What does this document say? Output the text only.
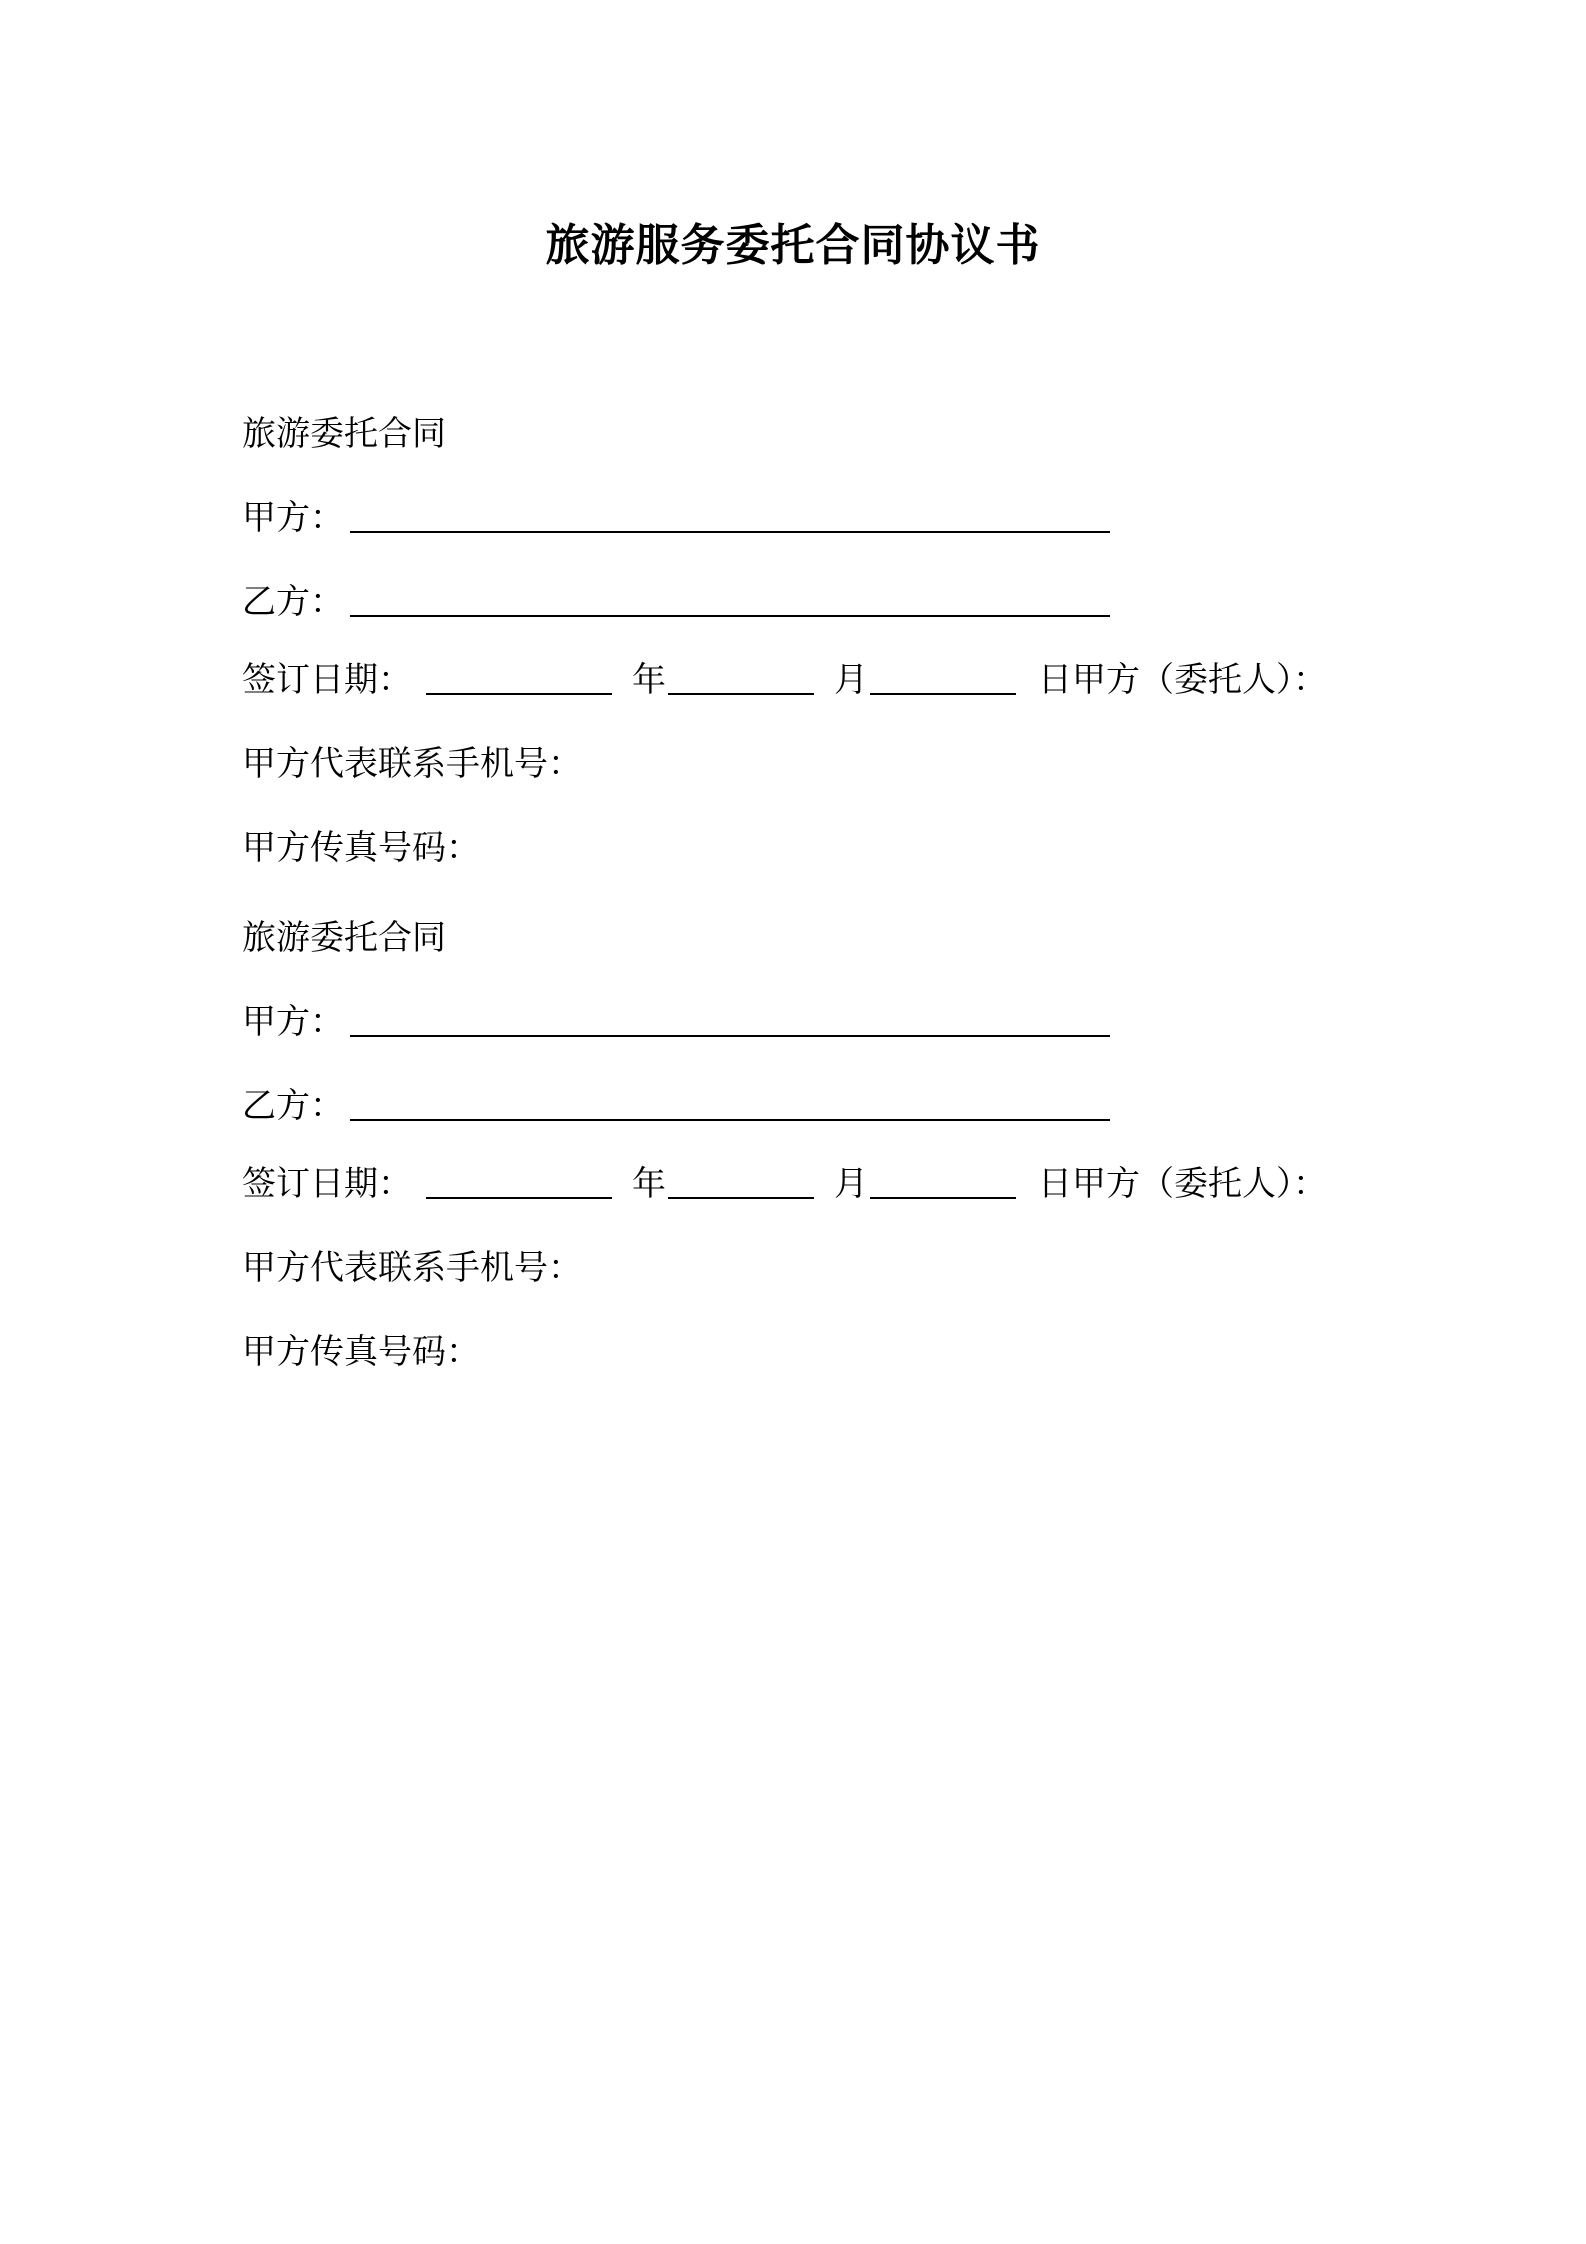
旅游服务委托合同协议书
旅游委托合同
甲方：
乙方：
签订日期：	年	月	日甲方（委托人）：
甲方代表联系手机号：
甲方传真号码：
旅游委托合同
甲方：
乙方：
签订日期：	年	月	日甲方（委托人）：
甲方代表联系手机号：
甲方传真号码：
